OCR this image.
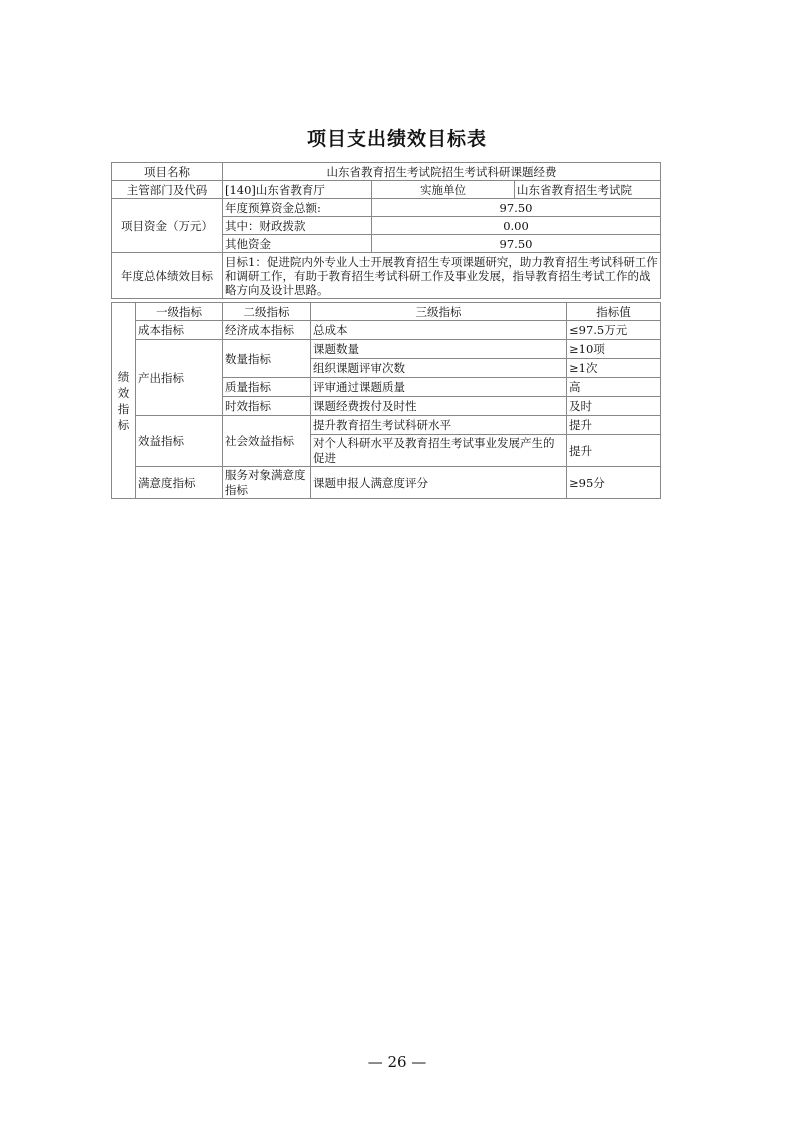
项目支出绩效目标表
项目名称	山东省教育招生考试院招生考试科研课题经费		
主管部门及代码	[140]山东省教育厅	实施单位	山东省教育招生考试院
项目资金（万元）	年度预算资金总额:	97.50	
	其中：财政拨款	0.00	
	其他资金	97.50	
年度总体绩效目标	目标1：促进院内外专业人士开展教育招生专项课题研究，助力教育招生考试科研工作和调研工作，有助于教育招生考试科研工作及事业发展，指导教育招生考试工作的战略方向及设计思路。		
绩
效
指
标	一级指标	二级指标	三级指标	指标值
	成本指标	经济成本指标	总成本	≤97.5万元
	产出指标	数量指标	课题数量	≥10项
			组织课题评审次数	≥1次
		质量指标	评审通过课题质量	高
		时效指标	课题经费拨付及时性	及时
	效益指标	社会效益指标	提升教育招生考试科研水平	提升
			对个人科研水平及教育招生考试事业发展产生的促进	提升
	满意度指标	服务对象满意度指标	课题申报人满意度评分	≥95分
— 26 —
